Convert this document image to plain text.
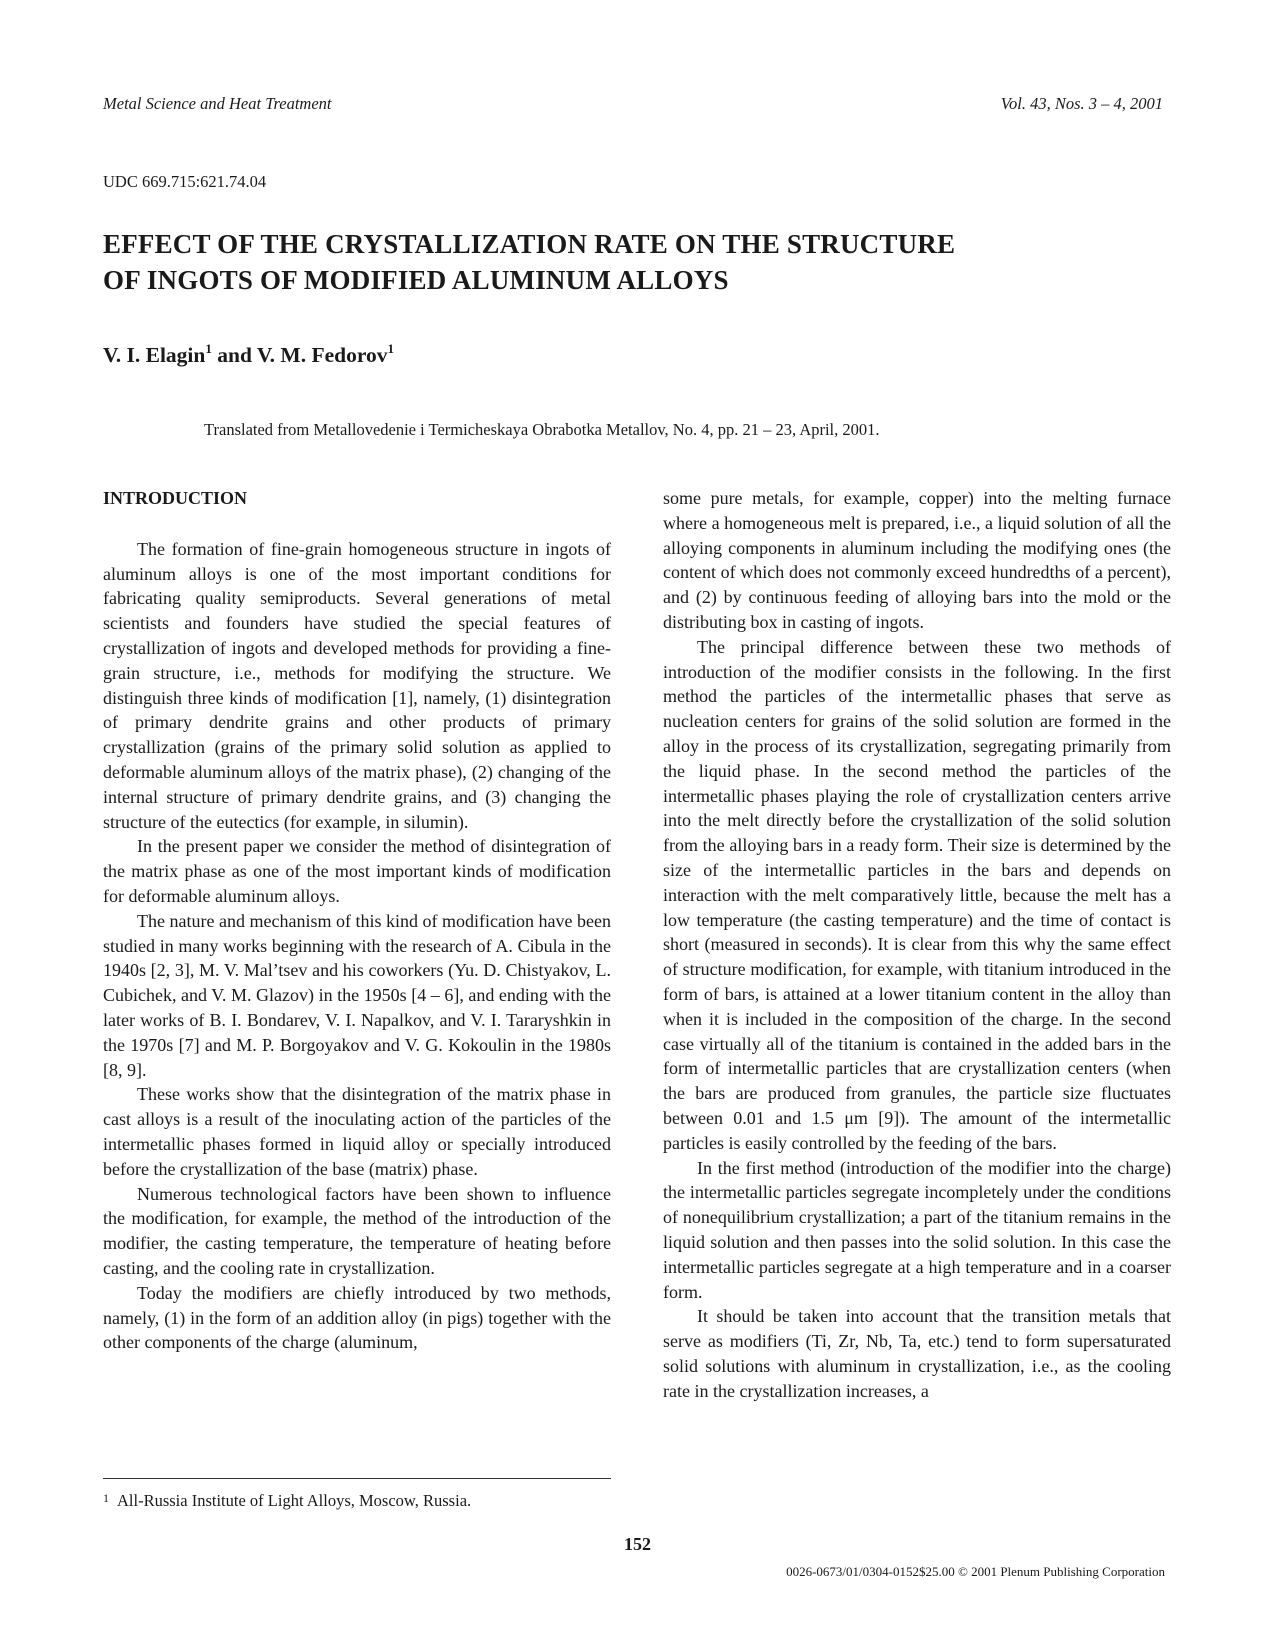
Metal Science and Heat Treatment	Vol. 43, Nos. 3 – 4, 2001
UDC 669.715:621.74.04
EFFECT OF THE CRYSTALLIZATION RATE ON THE STRUCTURE
OF INGOTS OF MODIFIED ALUMINUM ALLOYS
V. I. Elagin$^1$ and V. M. Fedorov$^1$
Translated from Metallovedenie i Termicheskaya Obrabotka Metallov, No. 4, pp. 21 – 23, April, 2001.
INTRODUCTION

The formation of fine-grain homogeneous structure in ingots of aluminum alloys is one of the most important conditions for fabricating quality semiproducts. Several generations of metal scientists and founders have studied the special features of crystallization of ingots and developed methods for providing a fine-grain structure, i.e., methods for modifying the structure. We distinguish three kinds of modification [1], namely, (1) disintegration of primary dendrite grains and other products of primary crystallization (grains of the primary solid solution as applied to deformable aluminum alloys of the matrix phase), (2) changing of the internal structure of primary dendrite grains, and (3) changing the structure of the eutectics (for example, in silumin).

In the present paper we consider the method of disintegration of the matrix phase as one of the most important kinds of modification for deformable aluminum alloys.

The nature and mechanism of this kind of modification have been studied in many works beginning with the research of A. Cibula in the 1940s [2, 3], M. V. Mal’tsev and his coworkers (Yu. D. Chistyakov, L. Cubichek, and V. M. Glazov) in the 1950s [4 – 6], and ending with the later works of B. I. Bondarev, V. I. Napalkov, and V. I. Tararyshkin in the 1970s [7] and M. P. Borgoyakov and V. G. Kokoulin in the 1980s [8, 9].

These works show that the disintegration of the matrix phase in cast alloys is a result of the inoculating action of the particles of the intermetallic phases formed in liquid alloy or specially introduced before the crystallization of the base (matrix) phase.

Numerous technological factors have been shown to influence the modification, for example, the method of the introduction of the modifier, the casting temperature, the temperature of heating before casting, and the cooling rate in crystallization.

Today the modifiers are chiefly introduced by two methods, namely, (1) in the form of an addition alloy (in pigs) together with the other components of the charge (aluminum,

some pure metals, for example, copper) into the melting furnace where a homogeneous melt is prepared, i.e., a liquid solution of all the alloying components in aluminum including the modifying ones (the content of which does not commonly exceed hundredths of a percent), and (2) by continuous feeding of alloying bars into the mold or the distributing box in casting of ingots.

The principal difference between these two methods of introduction of the modifier consists in the following. In the first method the particles of the intermetallic phases that serve as nucleation centers for grains of the solid solution are formed in the alloy in the process of its crystallization, segregating primarily from the liquid phase. In the second method the particles of the intermetallic phases playing the role of crystallization centers arrive into the melt directly before the crystallization of the solid solution from the alloying bars in a ready form. Their size is determined by the size of the intermetallic particles in the bars and depends on interaction with the melt comparatively little, because the melt has a low temperature (the casting temperature) and the time of contact is short (measured in seconds). It is clear from this why the same effect of structure modification, for example, with titanium introduced in the form of bars, is attained at a lower titanium content in the alloy than when it is included in the composition of the charge. In the second case virtually all of the titanium is contained in the added bars in the form of intermetallic particles that are crystallization centers (when the bars are produced from granules, the particle size fluctuates between 0.01 and 1.5 μm [9]). The amount of the intermetallic particles is easily controlled by the feeding of the bars.

In the first method (introduction of the modifier into the charge) the intermetallic particles segregate incompletely under the conditions of nonequilibrium crystallization; a part of the titanium remains in the liquid solution and then passes into the solid solution. In this case the intermetallic particles segregate at a high temperature and in a coarser form.

It should be taken into account that the transition metals that serve as modifiers (Ti, Zr, Nb, Ta, etc.) tend to form supersaturated solid solutions with aluminum in crystallization, i.e., as the cooling rate in the crystallization increases, a

$^1$ All-Russia Institute of Light Alloys, Moscow, Russia.
152
0026-0673/01/0304-0152$25.00 © 2001 Plenum Publishing Corporation
